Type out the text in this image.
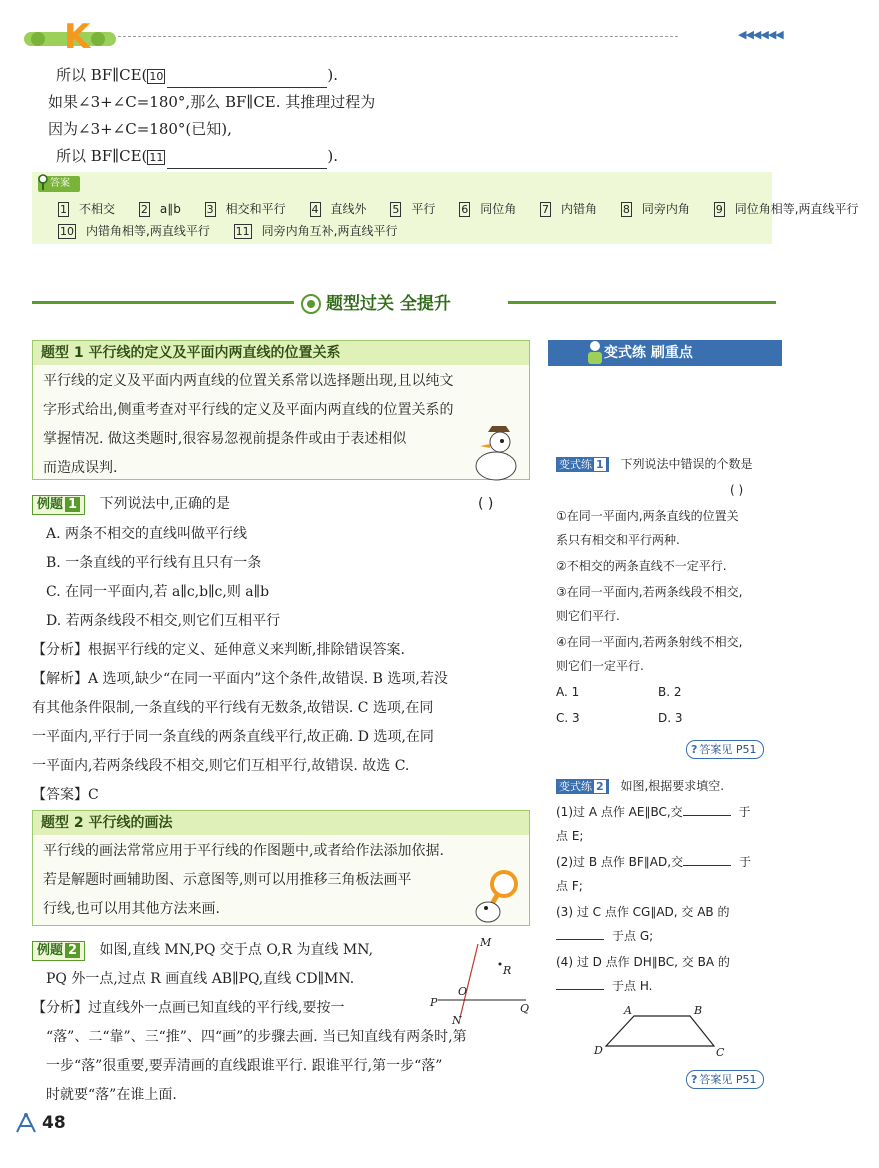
K	◀◀◀◀◀◀
所以 BF∥CE( 10	).
如果∠3+∠C=180°,那么 BF∥CE. 其推理过程为
因为∠3+∠C=180°(已知),
所以 BF∥CE( 11	).
答案
1 不相交 2 a∥b 3 相交和平行 4 直线外 5 平行 6 同位角 7 内错角 8 同旁内角 9 同位角相等,两直线平行
10 内错角相等,两直线平行 11 同旁内角互补,两直线平行
题型过关 全提升
题型 1 平行线的定义及平面内两直线的位置关系
平行线的定义及平面内两直线的位置关系常以选择题出现,且以纯文
字形式给出,侧重考查对平行线的定义及平面内两直线的位置关系的
掌握情况. 做这类题时,很容易忽视前提条件或由于表述相似
而造成误判.
例题 1 下列说法中,正确的是	( )
A. 两条不相交的直线叫做平行线
B. 一条直线的平行线有且只有一条
C. 在同一平面内,若 a∥c,b∥c,则 a∥b
D. 若两条线段不相交,则它们互相平行
【分析】根据平行线的定义、延伸意义来判断,排除错误答案.
【解析】A 选项,缺少“在同一平面内”这个条件,故错误. B 选项,若没
有其他条件限制,一条直线的平行线有无数条,故错误. C 选项,在同
一平面内,平行于同一条直线的两条直线平行,故正确. D 选项,在同
一平面内,若两条线段不相交,则它们互相平行,故错误. 故选 C.
【答案】C
题型 2 平行线的画法
平行线的画法常常应用于平行线的作图题中,或者给作法添加依据.
若是解题时画辅助图、示意图等,则可以用推移三角板法画平
行线,也可以用其他方法来画.
例题 2 如图,直线 MN,PQ 交于点 O,R 为直线 MN,
PQ 外一点,过点 R 画直线 AB∥PQ,直线 CD∥MN.
【分析】过直线外一点画已知直线的平行线,要按一
“落”、二“靠”、三“推”、四“画”的步骤去画. 当已知直线有两条时,第
一步“落”很重要,要弄清画的直线跟谁平行. 跟谁平行,第一步“落”
时就要“落”在谁上面.
M
R
P
O
Q
N
变式练 刷重点
变式练 1 下列说法中错误的个数是
( )
①在同一平面内,两条直线的位置关
系只有相交和平行两种.
②不相交的两条直线不一定平行.
③在同一平面内,若两条线段不相交,
则它们平行.
④在同一平面内,若两条射线不相交,
则它们一定平行.
A. 1	B. 2
C. 3	D. 3
? 答案见 P51
变式练 2 如图,根据要求填空.
(1)过 A 点作 AE∥BC,交	于
点 E;
(2)过 B 点作 BF∥AD,交	于
点 F;
(3) 过 C 点作 CG∥AD, 交 AB 的
于点 G;
(4) 过 D 点作 DH∥BC, 交 BA 的
于点 H.
A	B
C
D
? 答案见 P51
48
